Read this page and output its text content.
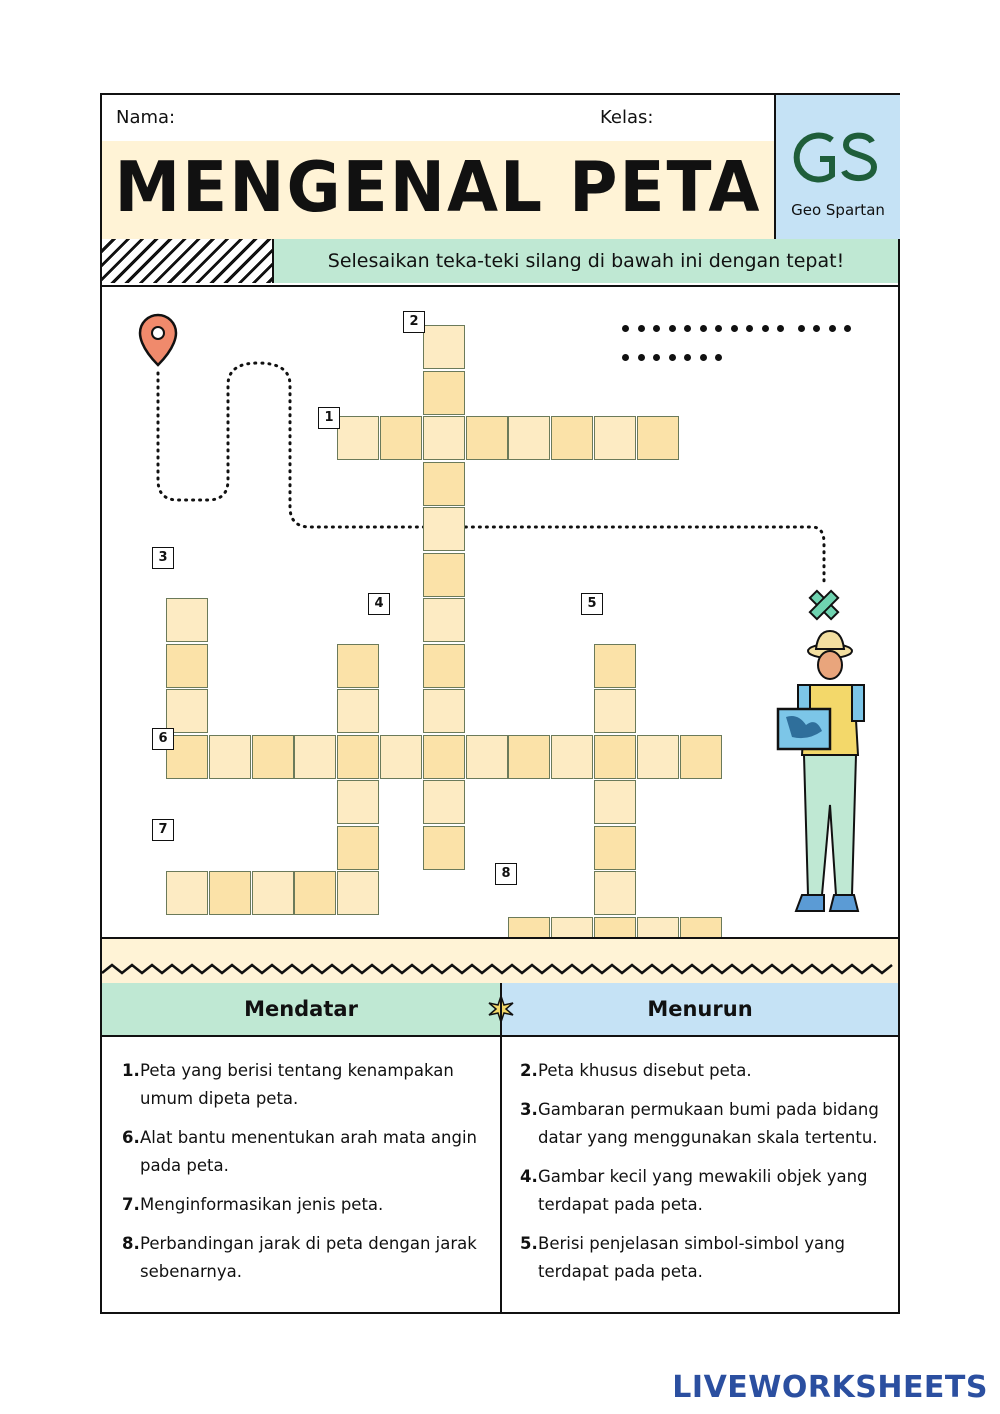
Nama:	Kelas:
MENGENAL PETA	Geo Spartan
Selesaikan teka-teki silang di bawah ini dengan tepat!

2
1
3
4	5
6
7
8
Mendatar	Menurun
1. Peta yang berisi tentang kenampakan umum dipeta peta.
6. Alat bantu menentukan arah mata angin pada peta.
7. Menginformasikan jenis peta.
8. Perbandingan jarak di peta dengan jarak sebenarnya.
2. Peta khusus disebut peta.
3. Gambaran permukaan bumi pada bidang datar yang menggunakan skala tertentu.
4. Gambar kecil yang mewakili objek yang terdapat pada peta.
5. Berisi penjelasan simbol-simbol yang terdapat pada peta.
LIVEWORKSHEETS
